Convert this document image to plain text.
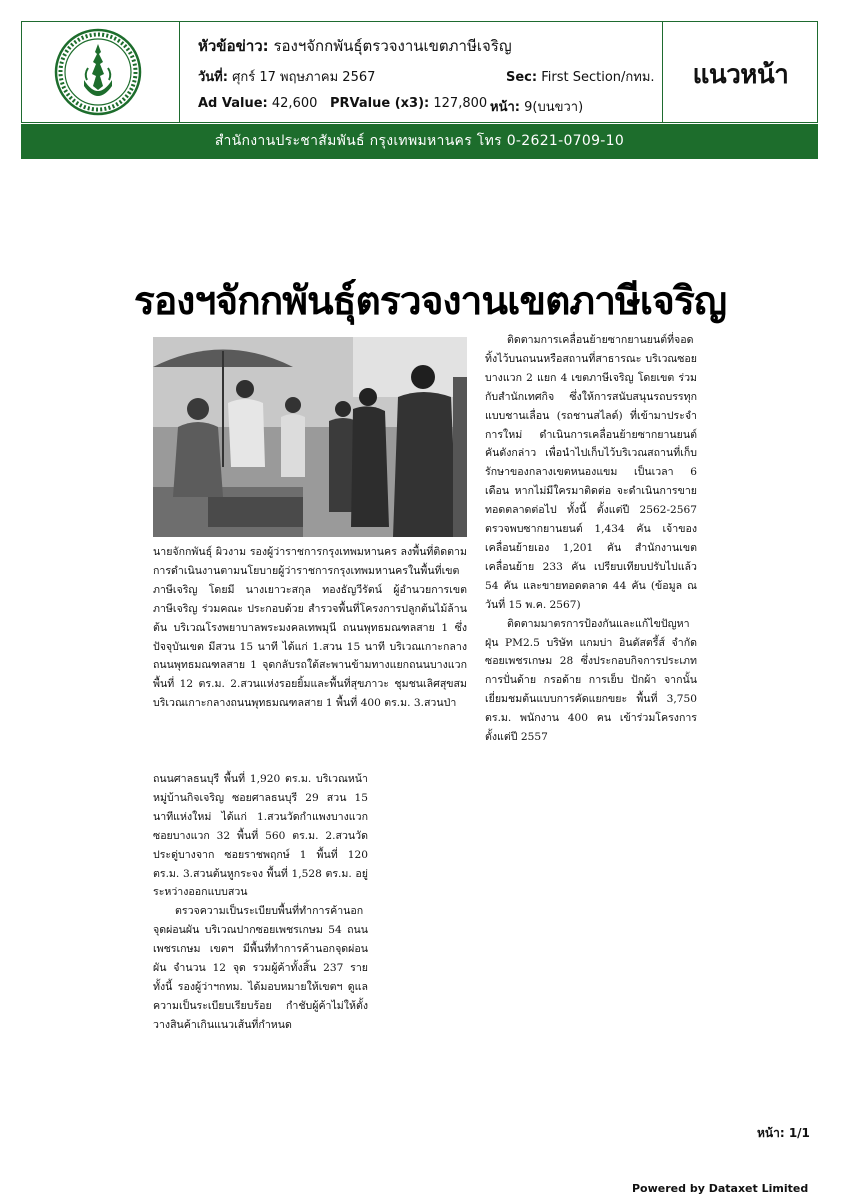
หัวข้อข่าว: รองฯจักกพันธุ์ตรวจงานเขตภาษีเจริญ
วันที่: ศุกร์ 17 พฤษภาคม 2567	Sec: First Section/กทม.
Ad Value: 42,600 PRValue (x3): 127,800 หน้า: 9(บนขวา)
แนวหน้า
สำนักงานประชาสัมพันธ์ กรุงเทพมหานคร โทร 0-2621-0709-10
รองฯจักกพันธุ์ตรวจงานเขตภาษีเจริญ

นายจักกพันธุ์ ผิวงาม รองผู้ว่าราชการกรุงเทพมหานคร ลงพื้นที่ติดตามการดำเนินงานตามนโยบายผู้ว่าราชการกรุงเทพมหานครในพื้นที่เขตภาษีเจริญ โดยมี นางเยาวะสกุล ทองธัญวีรัตน์ ผู้อำนวยการเขตภาษีเจริญ ร่วมคณะ ประกอบด้วย สำรวจพื้นที่โครงการปลูกต้นไม้ล้านต้น บริเวณโรงพยาบาลพระมงคลเทพมุนี ถนนพุทธมณฑลสาย 1 ซึ่งปัจจุบันเขต มีสวน 15 นาที ได้แก่ 1.สวน 15 นาที บริเวณเกาะกลางถนนพุทธมณฑลสาย 1 จุดกลับรถใต้สะพานข้ามทางแยกถนนบางแวก พื้นที่ 12 ตร.ม. 2.สวนแห่งรอยยิ้มและพื้นที่สุขภาวะ ชุมชนเลิศสุขสม บริเวณเกาะกลางถนนพุทธมณฑลสาย 1 พื้นที่ 400 ตร.ม. 3.สวนป่า

ถนนศาลธนบุรี พื้นที่ 1,920 ตร.ม. บริเวณหน้าหมู่บ้านกิจเจริญ ซอยศาลธนบุรี 29 สวน 15 นาทีแห่งใหม่ ได้แก่ 1.สวนวัดกำแพงบางแวก ซอยบางแวก 32 พื้นที่ 560 ตร.ม. 2.สวนวัดประดู่บางจาก ซอยราชพฤกษ์ 1 พื้นที่ 120 ตร.ม. 3.สวนต้นหูกระจง พื้นที่ 1,528 ตร.ม. อยู่ระหว่างออกแบบสวน

ตรวจความเป็นระเบียบพื้นที่ทำการค้านอกจุดผ่อนผัน บริเวณปากซอยเพชรเกษม 54 ถนนเพชรเกษม เขตฯ มีพื้นที่ทำการค้านอกจุดผ่อนผัน จำนวน 12 จุด รวมผู้ค้าทั้งสิ้น 237 ราย ทั้งนี้ รองผู้ว่าฯกทม. ได้มอบหมายให้เขตฯ ดูแลความเป็นระเบียบเรียบร้อย กำชับผู้ค้าไม่ให้ตั้งวางสินค้าเกินแนวเส้นที่กำหนด

ติดตามการเคลื่อนย้ายซากยานยนต์ที่จอดทิ้งไว้บนถนนหรือสถานที่สาธารณะ บริเวณซอยบางแวก 2 แยก 4 เขตภาษีเจริญ โดยเขต ร่วมกับสำนักเทศกิจ ซึ่งให้การสนับสนุนรถบรรทุกแบบชานเลื่อน (รถชานสไลด์) ที่เข้ามาประจำการใหม่ ดำเนินการเคลื่อนย้ายซากยานยนต์คันดังกล่าว เพื่อนำไปเก็บไว้บริเวณสถานที่เก็บรักษาของกลางเขตหนองแขม เป็นเวลา 6 เดือน หากไม่มีใครมาติดต่อ จะดำเนินการขายทอดตลาดต่อไป ทั้งนี้ ตั้งแต่ปี 2562-2567 ตรวจพบซากยานยนต์ 1,434 คัน เจ้าของเคลื่อนย้ายเอง 1,201 คัน สำนักงานเขตเคลื่อนย้าย 233 คัน เปรียบเทียบปรับไปแล้ว 54 คัน และขายทอดตลาด 44 คัน (ข้อมูล ณ วันที่ 15 พ.ค. 2567)

ติดตามมาตรการป้องกันและแก้ไขปัญหาฝุ่น PM2.5 บริษัท แกมบ่า อินดัสตรี้ส์ จำกัด ซอยเพชรเกษม 28 ซึ่งประกอบกิจการประเภทการปั่นด้าย กรอด้าย การเย็บ ปักผ้า จากนั้นเยี่ยมชมต้นแบบการคัดแยกขยะ พื้นที่ 3,750 ตร.ม. พนักงาน 400 คน เข้าร่วมโครงการ ตั้งแต่ปี 2557

หน้า: 1/1
Powered by Dataxet Limited
